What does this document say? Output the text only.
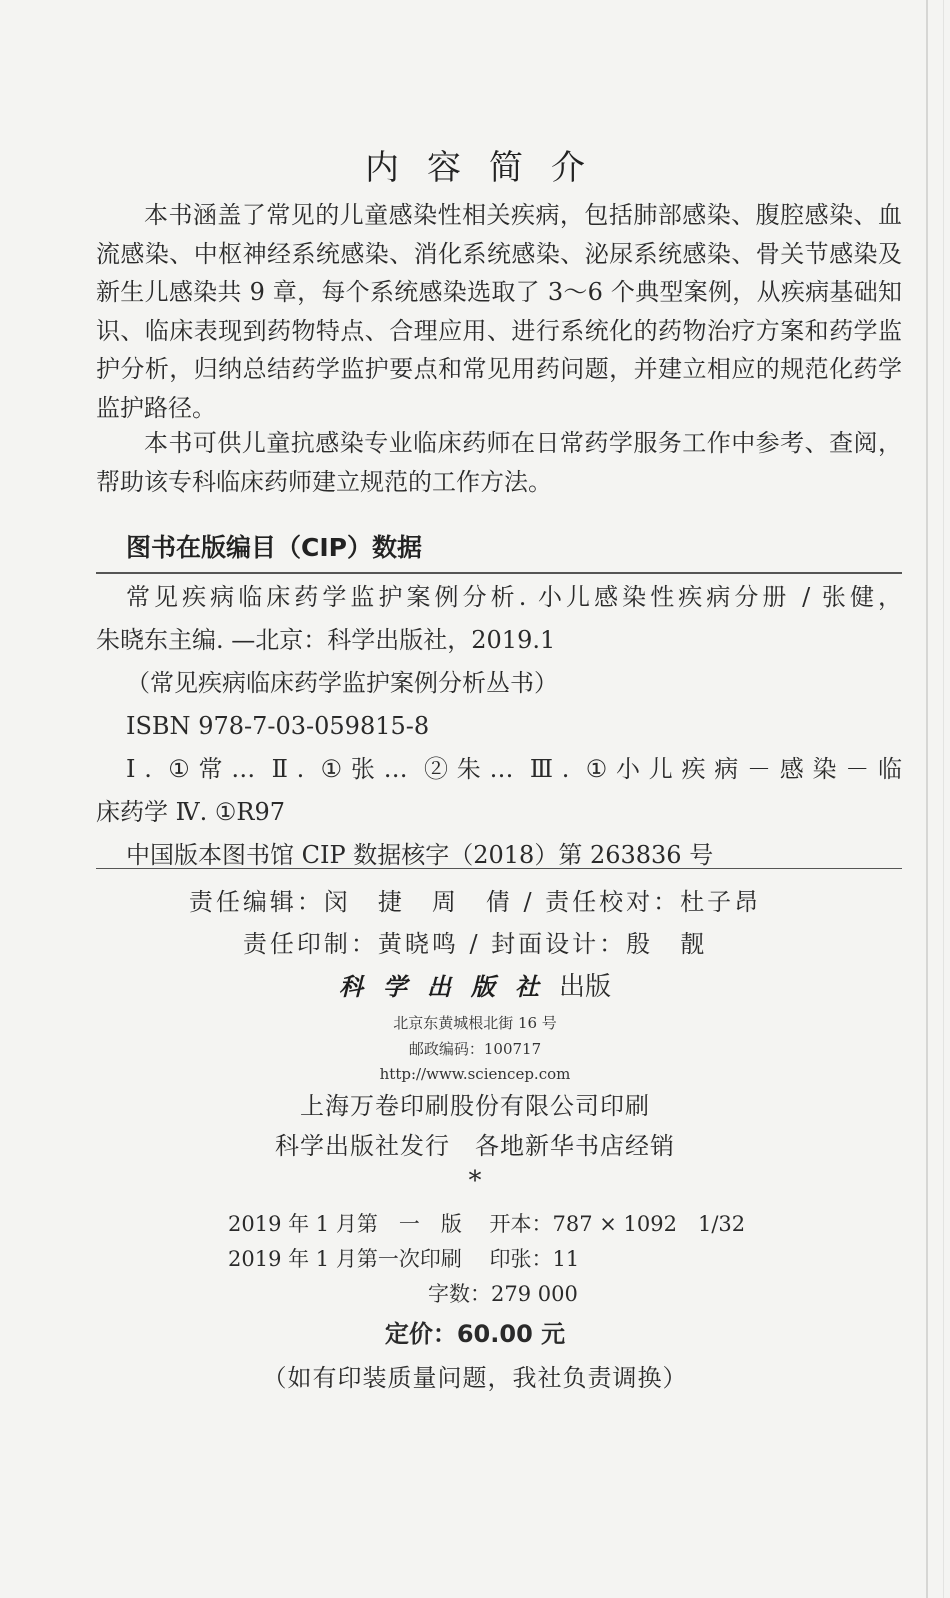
内容简介

本书涵盖了常见的儿童感染性相关疾病，包括肺部感染、腹腔感染、血流感染、中枢神经系统感染、消化系统感染、泌尿系统感染、骨关节感染及新生儿感染共 9 章，每个系统感染选取了 3～6 个典型案例，从疾病基础知识、临床表现到药物特点、合理应用、进行系统化的药物治疗方案和药学监护分析，归纳总结药学监护要点和常见用药问题，并建立相应的规范化药学监护路径。

本书可供儿童抗感染专业临床药师在日常药学服务工作中参考、查阅，帮助该专科临床药师建立规范的工作方法。

图书在版编目（CIP）数据
常见疾病临床药学监护案例分析. 小儿感染性疾病分册 / 张健，
朱晓东主编. —北京：科学出版社，2019.1
（常见疾病临床药学监护案例分析丛书）
ISBN 978-7-03-059815-8
Ⅰ. ①常… Ⅱ. ①张… ②朱… Ⅲ. ①小儿疾病－感染－临
床药学 Ⅳ. ①R97
中国版本图书馆 CIP 数据核字（2018）第 263836 号
责任编辑：闵　捷　周　倩 / 责任校对：杜子昂
责任印制：黄晓鸣 / 封面设计：殷　靓
科学出版社出版
北京东黄城根北街 16 号
邮政编码：100717
http://www.sciencep.com
上海万卷印刷股份有限公司印刷
科学出版社发行　各地新华书店经销
*
2019 年 1 月第　一　版　 开本：787 × 1092　1/32
2019 年 1 月第一次印刷　 印张：11
字数：279 000
定价：60.00 元
（如有印装质量问题，我社负责调换）
